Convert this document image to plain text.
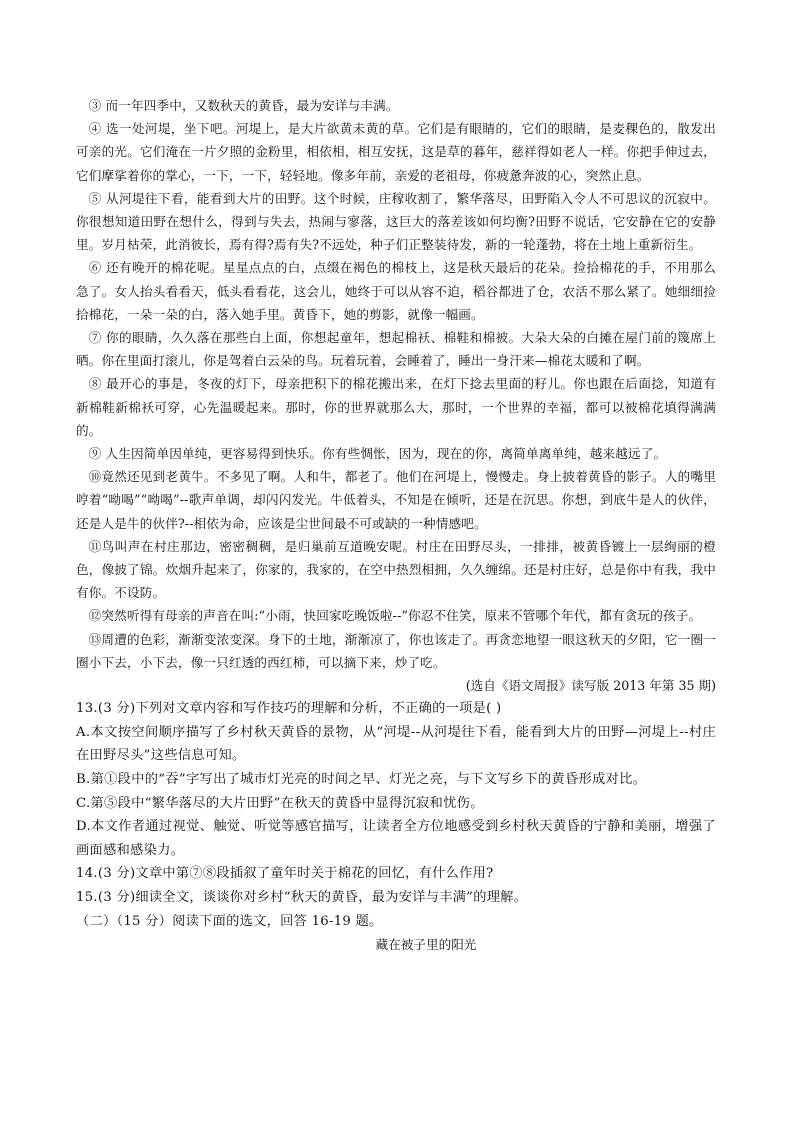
③ 而一年四季中，又数秋天的黄昏，最为安详与丰满。

④ 选一处河堤，坐下吧。河堤上，是大片欲黄未黄的草。它们是有眼睛的，它们的眼睛，是麦稞色的，散发出可亲的光。它们淹在一片夕照的金粉里，相依相，相互安抚，这是草的暮年，慈祥得如老人一样。你把手伸过去，它们摩挲着你的掌心，一下，一下，轻轻地。像多年前，亲爱的老祖母，你疲惫奔波的心，突然止息。

⑤ 从河堤往下看，能看到大片的田野。这个时候，庄稼收割了，繁华落尽，田野陷入令人不可思议的沉寂中。你很想知道田野在想什么，得到与失去，热闹与寥落，这巨大的落差该如何均衡?田野不说话，它安静在它的安静里。岁月枯荣，此消彼长，焉有得?焉有失?不远处，种子们正整装待发，新的一轮蓬勃，将在土地上重新衍生。

⑥ 还有晚开的棉花呢。星星点点的白，点缀在褐色的棉枝上，这是秋天最后的花朵。捡拾棉花的手，不用那么急了。女人抬头看看天，低头看看花，这会儿，她终于可以从容不迫，稻谷都进了仓，农活不那么紧了。她细细捡拾棉花，一朵一朵的白，落入她手里。黄昏下，她的剪影，就像一幅画。

⑦ 你的眼睛，久久落在那些白上面，你想起童年，想起棉袄、棉鞋和棉被。大朵大朵的白摊在屋门前的篾席上晒。你在里面打滚儿，你是驾着白云朵的鸟。玩着玩着，会睡着了，睡出一身汗来—棉花太暖和了啊。

⑧ 最开心的事是，冬夜的灯下，母亲把积下的棉花搬出来，在灯下捻去里面的籽儿。你也跟在后面捻，知道有新棉鞋新棉袄可穿，心先温暖起来。那时，你的世界就那么大，那时，一个世界的幸福，都可以被棉花填得满满的。

⑨ 人生因简单因单纯，更容易得到快乐。你有些惆怅，因为，现在的你，离简单离单纯，越来越远了。

⑩竟然还见到老黄牛。不多见了啊。人和牛，都老了。他们在河堤上，慢慢走。身上披着黄昏的影子。人的嘴里哼着“呦喝”“呦喝”--歌声单调，却闪闪发光。牛低着头，不知是在倾听，还是在沉思。你想，到底牛是人的伙伴，还是人是牛的伙伴?--相依为命，应该是尘世间最不可或缺的一种情感吧。

⑪鸟叫声在村庄那边，密密稠稠，是归巢前互道晚安呢。村庄在田野尽头，一排排，被黄昏镀上一层绚丽的橙色，像披了锦。炊烟升起来了，你家的，我家的，在空中热烈相拥，久久缠绵。还是村庄好，总是你中有我，我中有你。不设防。

⑫突然听得有母亲的声音在叫:“小雨，快回家吃晚饭啦--”你忍不住笑，原来不管哪个年代，都有贪玩的孩子。

⑬周遭的色彩，渐渐变浓变深。身下的土地，渐渐凉了，你也该走了。再贪恋地望一眼这秋天的夕阳，它一圈一圈小下去，小下去，像一只红透的西红柿，可以摘下来，炒了吃。

(选自《语文周报》读写版 2013 年第 35 期)

13.(3 分)下列对文章内容和写作技巧的理解和分析，不正确的一项是( )

A.本文按空间顺序描写了乡村秋天黄昏的景物，从“河堤--从河堤往下看，能看到大片的田野—河堤上--村庄在田野尽头”这些信息可知。

B.第①段中的“吞”字写出了城市灯光亮的时间之早、灯光之亮，与下文写乡下的黄昏形成对比。

C.第⑤段中“繁华落尽的大片田野”在秋天的黄昏中显得沉寂和忧伤。

D.本文作者通过视觉、触觉、听觉等感官描写，让读者全方位地感受到乡村秋天黄昏的宁静和美丽，增强了画面感和感染力。

14.(3 分)文章中第⑦⑧段插叙了童年时关于棉花的回忆，有什么作用?

15.(3 分)细读全文，谈谈你对乡村“秋天的黄昏，最为安详与丰满”的理解。

（二）（15 分）阅读下面的选文，回答 16-19 题。

藏在被子里的阳光
